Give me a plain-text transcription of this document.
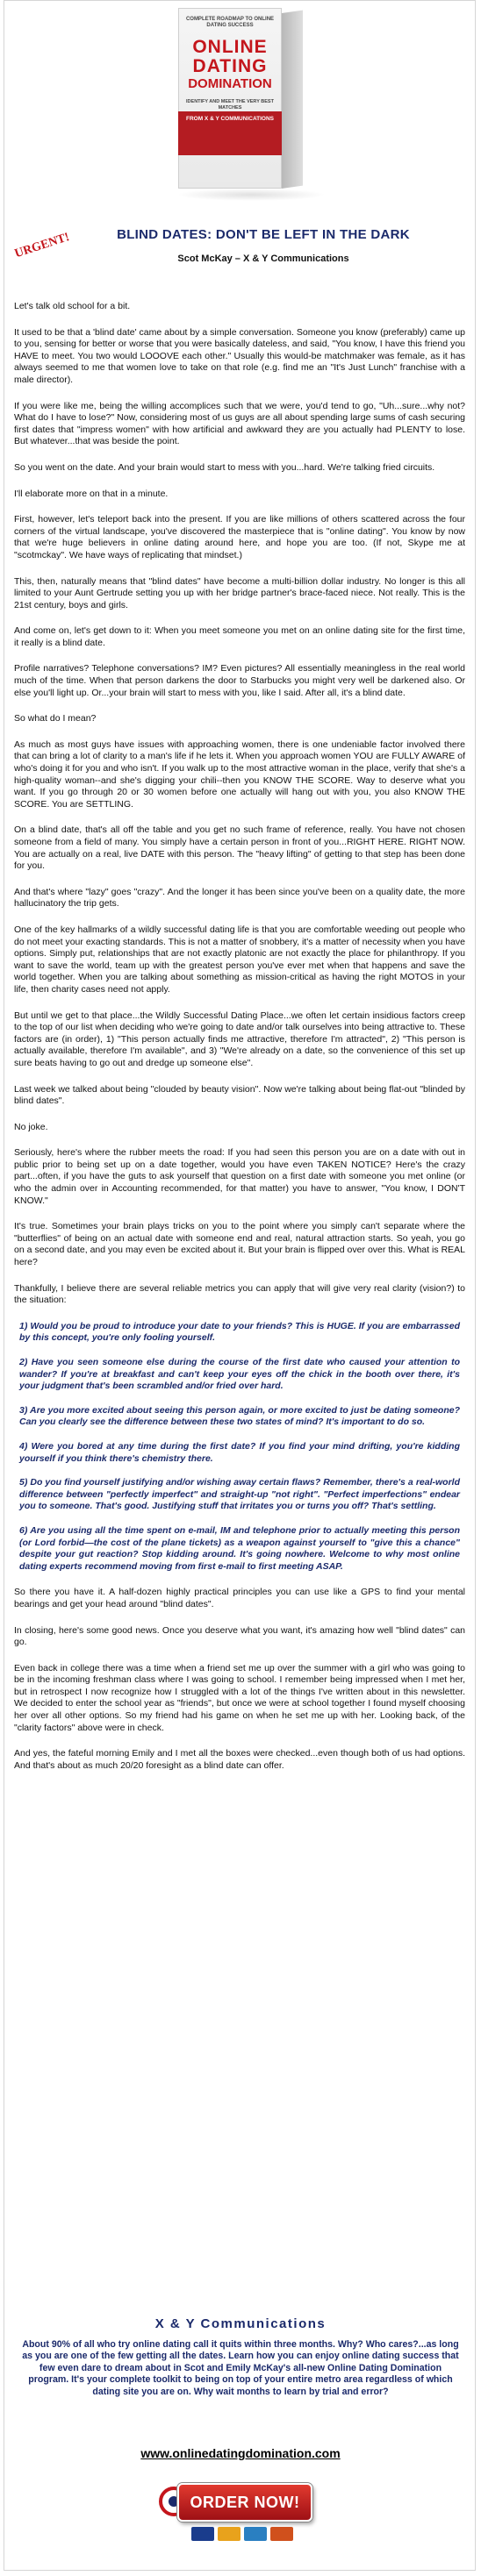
COMPLETE ROADMAP TO ONLINE DATING SUCCESS
ONLINE
DATING
DOMINATION
IDENTIFY AND MEET THE VERY BEST MATCHES
FROM X & Y COMMUNICATIONS
URGENT!	BLIND DATES: DON'T BE LEFT IN THE DARK
Scot McKay – X & Y Communications

Let's talk old school for a bit.

It used to be that a 'blind date' came about by a simple conversation. Someone you know (preferably) came up to you, sensing for better or worse that you were basically dateless, and said, "You know, I have this friend you HAVE to meet. You two would LOOOVE each other." Usually this would-be matchmaker was female, as it has always seemed to me that women love to take on that role (e.g. find me an "It's Just Lunch" franchise with a male director).

If you were like me, being the willing accomplices such that we were, you'd tend to go, "Uh...sure...why not? What do I have to lose?" Now, considering most of us guys are all about spending large sums of cash securing first dates that "impress women" with how artificial and awkward they are you actually had PLENTY to lose. But whatever...that was beside the point.

So you went on the date. And your brain would start to mess with you...hard. We're talking fried circuits.

I'll elaborate more on that in a minute.

First, however, let's teleport back into the present. If you are like millions of others scattered across the four corners of the virtual landscape, you've discovered the masterpiece that is "online dating". You know by now that we're huge believers in online dating around here, and hope you are too. (If not, Skype me at "scotmckay". We have ways of replicating that mindset.)

This, then, naturally means that "blind dates" have become a multi-billion dollar industry. No longer is this all limited to your Aunt Gertrude setting you up with her bridge partner's brace-faced niece. Not really. This is the 21st century, boys and girls.

And come on, let's get down to it: When you meet someone you met on an online dating site for the first time, it really is a blind date.

Profile narratives? Telephone conversations? IM? Even pictures? All essentially meaningless in the real world much of the time. When that person darkens the door to Starbucks you might very well be darkened also. Or else you'll light up. Or...your brain will start to mess with you, like I said. After all, it's a blind date.

So what do I mean?

As much as most guys have issues with approaching women, there is one undeniable factor involved there that can bring a lot of clarity to a man's life if he lets it. When you approach women YOU are FULLY AWARE of who's doing it for you and who isn't. If you walk up to the most attractive woman in the place, verify that she's a high-quality woman--and she's digging your chili--then you KNOW THE SCORE. Way to deserve what you want. If you go through 20 or 30 women before one actually will hang out with you, you also KNOW THE SCORE. You are SETTLING.

On a blind date, that's all off the table and you get no such frame of reference, really. You have not chosen someone from a field of many. You simply have a certain person in front of you...RIGHT HERE. RIGHT NOW. You are actually on a real, live DATE with this person. The "heavy lifting" of getting to that step has been done for you.

And that's where "lazy" goes "crazy". And the longer it has been since you've been on a quality date, the more hallucinatory the trip gets.

One of the key hallmarks of a wildly successful dating life is that you are comfortable weeding out people who do not meet your exacting standards. This is not a matter of snobbery, it's a matter of necessity when you have options. Simply put, relationships that are not exactly platonic are not exactly the place for philanthropy. If you want to save the world, team up with the greatest person you've ever met when that happens and save the world together. When you are talking about something as mission-critical as having the right MOTOS in your life, then charity cases need not apply.

But until we get to that place...the Wildly Successful Dating Place...we often let certain insidious factors creep to the top of our list when deciding who we're going to date and/or talk ourselves into being attractive to. These factors are (in order), 1) "This person actually finds me attractive, therefore I'm attracted", 2) "This person is actually available, therefore I'm available", and 3) "We're already on a date, so the convenience of this set up sure beats having to go out and dredge up someone else".

Last week we talked about being "clouded by beauty vision". Now we're talking about being flat-out "blinded by blind dates".

No joke.

Seriously, here's where the rubber meets the road: If you had seen this person you are on a date with out in public prior to being set up on a date together, would you have even TAKEN NOTICE? Here's the crazy part...often, if you have the guts to ask yourself that question on a first date with someone you met online (or who the admin over in Accounting recommended, for that matter) you have to answer, "You know, I DON'T KNOW."

It's true. Sometimes your brain plays tricks on you to the point where you simply can't separate where the "butterflies" of being on an actual date with someone end and real, natural attraction starts. So yeah, you go on a second date, and you may even be excited about it. But your brain is flipped over over this. What is REAL here?

Thankfully, I believe there are several reliable metrics you can apply that will give very real clarity (vision?) to the situation:

1) Would you be proud to introduce your date to your friends? This is HUGE. If you are embarrassed by this concept, you're only fooling yourself.

2) Have you seen someone else during the course of the first date who caused your attention to wander? If you're at breakfast and can't keep your eyes off the chick in the booth over there, it's your judgment that's been scrambled and/or fried over hard.

3) Are you more excited about seeing this person again, or more excited to just be dating someone? Can you clearly see the difference between these two states of mind? It's important to do so.

4) Were you bored at any time during the first date? If you find your mind drifting, you're kidding yourself if you think there's chemistry there.

5) Do you find yourself justifying and/or wishing away certain flaws? Remember, there's a real-world difference between "perfectly imperfect" and straight-up "not right". "Perfect imperfections" endear you to someone. That's good. Justifying stuff that irritates you or turns you off? That's settling.

6) Are you using all the time spent on e-mail, IM and telephone prior to actually meeting this person (or Lord forbid—the cost of the plane tickets) as a weapon against yourself to "give this a chance" despite your gut reaction? Stop kidding around. It's going nowhere. Welcome to why most online dating experts recommend moving from first e-mail to first meeting ASAP.

So there you have it. A half-dozen highly practical principles you can use like a GPS to find your mental bearings and get your head around "blind dates".

In closing, here's some good news. Once you deserve what you want, it's amazing how well "blind dates" can go.

Even back in college there was a time when a friend set me up over the summer with a girl who was going to be in the incoming freshman class where I was going to school. I remember being impressed when I met her, but in retrospect I now recognize how I struggled with a lot of the things I've written about in this newsletter. We decided to enter the school year as "friends", but once we were at school together I found myself choosing her over all other options. So my friend had his game on when he set me up with her. Looking back, of the "clarity factors" above were in check.

And yes, the fateful morning Emily and I met all the boxes were checked...even though both of us had options. And that's about as much 20/20 foresight as a blind date can offer.

X & Y Communications
About 90% of all who try online dating call it quits within three months. Why? Who cares?...as long as you are one of the few getting all the dates. Learn how you can enjoy online dating success that few even dare to dream about in Scot and Emily McKay's all-new Online Dating Domination program. It's your complete toolkit to being on top of your entire metro area regardless of which dating site you are on. Why wait months to learn by trial and error?
www.onlinedatingdomination.com
ORDER NOW!
